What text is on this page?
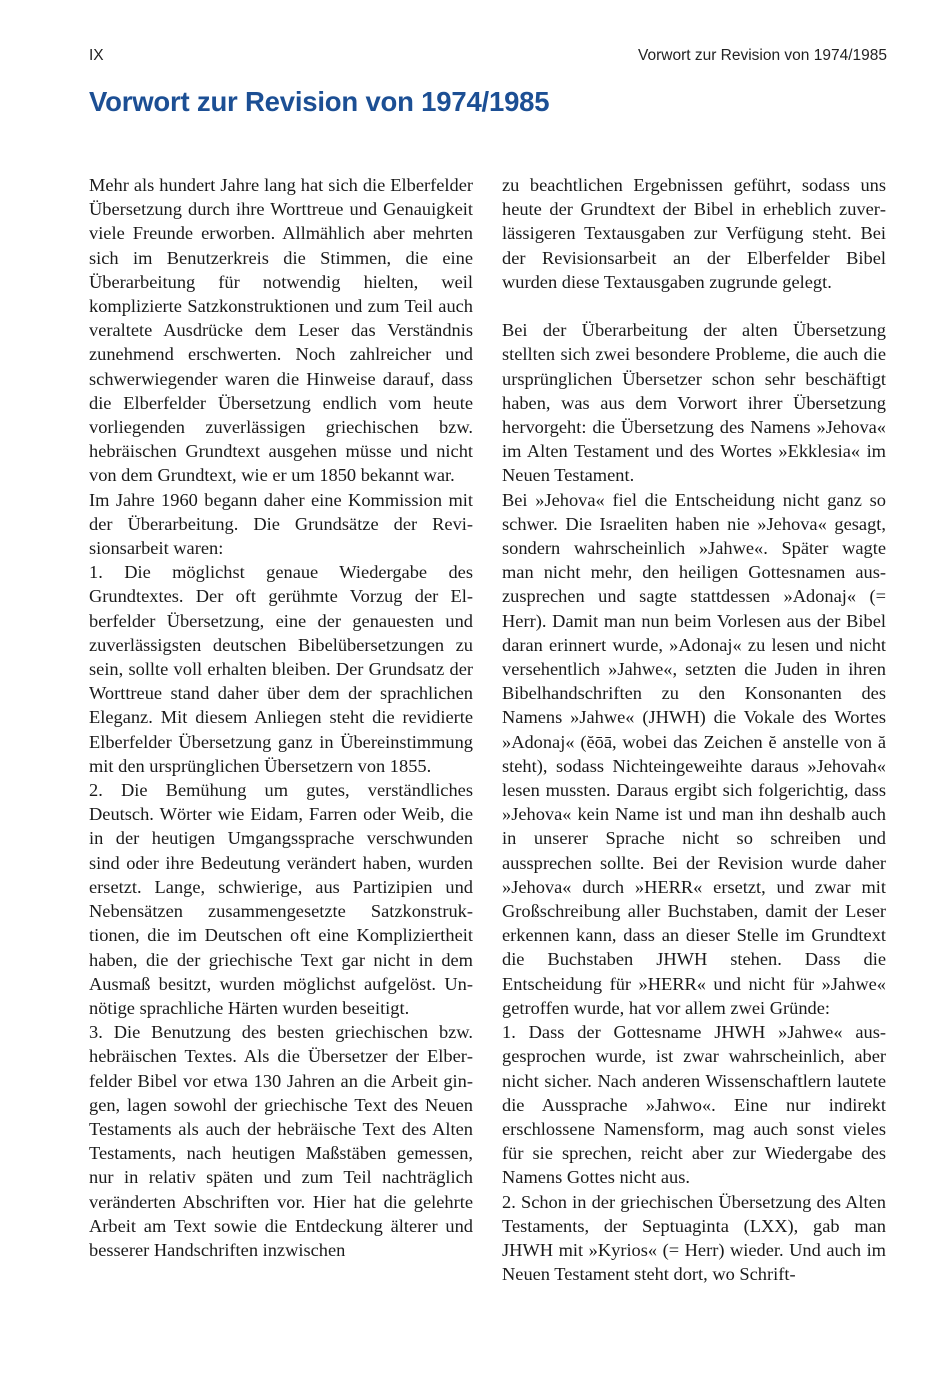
IX	Vorwort zur Revision von 1974/1985
Vorwort zur Revision von 1974/1985

Mehr als hundert Jahre lang hat sich die Elberfelder Übersetzung durch ihre Worttreue und Genauigkeit viele Freunde erworben. Allmählich aber mehrten sich im Benutzerkreis die Stimmen, die eine Überarbeitung für notwendig hielten, weil komplizierte Satzkonstruktionen und zum Teil auch veraltete Ausdrücke dem Leser das Verständnis zunehmend erschwerten. Noch zahlreicher und schwerwiegender waren die Hinweise darauf, dass die Elberfelder Übersetzung endlich vom heute vorliegenden zuverlässigen griechischen bzw. hebräischen Grundtext ausgehen müsse und nicht von dem Grundtext, wie er um 1850 bekannt war.

Im Jahre 1960 begann daher eine Kommission mit der Überarbeitung. Die Grundsätze der Revisionsarbeit waren:

1. Die möglichst genaue Wiedergabe des Grundtextes. Der oft gerühmte Vorzug der Elberfelder Übersetzung, eine der genauesten und zuverlässigsten deutschen Bibelübersetzungen zu sein, sollte voll erhalten bleiben. Der Grundsatz der Worttreue stand daher über dem der sprachlichen Eleganz. Mit diesem Anliegen steht die revidierte Elberfelder Übersetzung ganz in Übereinstimmung mit den ursprünglichen Übersetzern von 1855.

2. Die Bemühung um gutes, verständliches Deutsch. Wörter wie Eidam, Farren oder Weib, die in der heutigen Umgangssprache verschwunden sind oder ihre Bedeutung verändert haben, wurden ersetzt. Lange, schwierige, aus Partizipien und Nebensätzen zusammengesetzte Satzkonstruktionen, die im Deutschen oft eine Kompliziertheit haben, die der griechische Text gar nicht in dem Ausmaß besitzt, wurden möglichst aufgelöst. Unnötige sprachliche Härten wurden beseitigt.

3. Die Benutzung des besten griechischen bzw. hebräischen Textes. Als die Übersetzer der Elberfelder Bibel vor etwa 130 Jahren an die Arbeit gingen, lagen sowohl der griechische Text des Neuen Testaments als auch der hebräische Text des Alten Testaments, nach heutigen Maßstäben gemessen, nur in relativ späten und zum Teil nachträglich veränderten Abschriften vor. Hier hat die gelehrte Arbeit am Text sowie die Entdeckung älterer und besserer Handschriften inzwischen

zu beachtlichen Ergebnissen geführt, sodass uns heute der Grundtext der Bibel in erheblich zuverlässigeren Textausgaben zur Verfügung steht. Bei der Revisionsarbeit an der Elberfelder Bibel wurden diese Textausgaben zugrunde gelegt.

Bei der Überarbeitung der alten Übersetzung stellten sich zwei besondere Probleme, die auch die ursprünglichen Übersetzer schon sehr beschäftigt haben, was aus dem Vorwort ihrer Übersetzung hervorgeht: die Übersetzung des Namens »Jehova« im Alten Testament und des Wortes »Ekklesia« im Neuen Testament.

Bei »Jehova« fiel die Entscheidung nicht ganz so schwer. Die Israeliten haben nie »Jehova« gesagt, sondern wahrscheinlich »Jahwe«. Später wagte man nicht mehr, den heiligen Gottesnamen auszusprechen und sagte stattdessen »Adonaj« (= Herr). Damit man nun beim Vorlesen aus der Bibel daran erinnert wurde, »Adonaj« zu lesen und nicht versehentlich »Jahwe«, setzten die Juden in ihren Bibelhandschriften zu den Konsonanten des Namens »Jahwe« (JHWH) die Vokale des Wortes »Adonaj« (ĕōā, wobei das Zeichen ĕ anstelle von ă steht), sodass Nichteingeweihte daraus »Jehovah« lesen mussten. Daraus ergibt sich folgerichtig, dass »Jehova« kein Name ist und man ihn deshalb auch in unserer Sprache nicht so schreiben und aussprechen sollte. Bei der Revision wurde daher »Jehova« durch »HERR« ersetzt, und zwar mit Großschreibung aller Buchstaben, damit der Leser erkennen kann, dass an dieser Stelle im Grundtext die Buchstaben JHWH stehen. Dass die Entscheidung für »HERR« und nicht für »Jahwe« getroffen wurde, hat vor allem zwei Gründe:

1. Dass der Gottesname JHWH »Jahwe« ausgesprochen wurde, ist zwar wahrscheinlich, aber nicht sicher. Nach anderen Wissenschaftlern lautete die Aussprache »Jahwo«. Eine nur indirekt erschlossene Namensform, mag auch sonst vieles für sie sprechen, reicht aber zur Wiedergabe des Namens Gottes nicht aus.

2. Schon in der griechischen Übersetzung des Alten Testaments, der Septuaginta (LXX), gab man JHWH mit »Kyrios« (= Herr) wieder. Und auch im Neuen Testament steht dort, wo Schrift-
